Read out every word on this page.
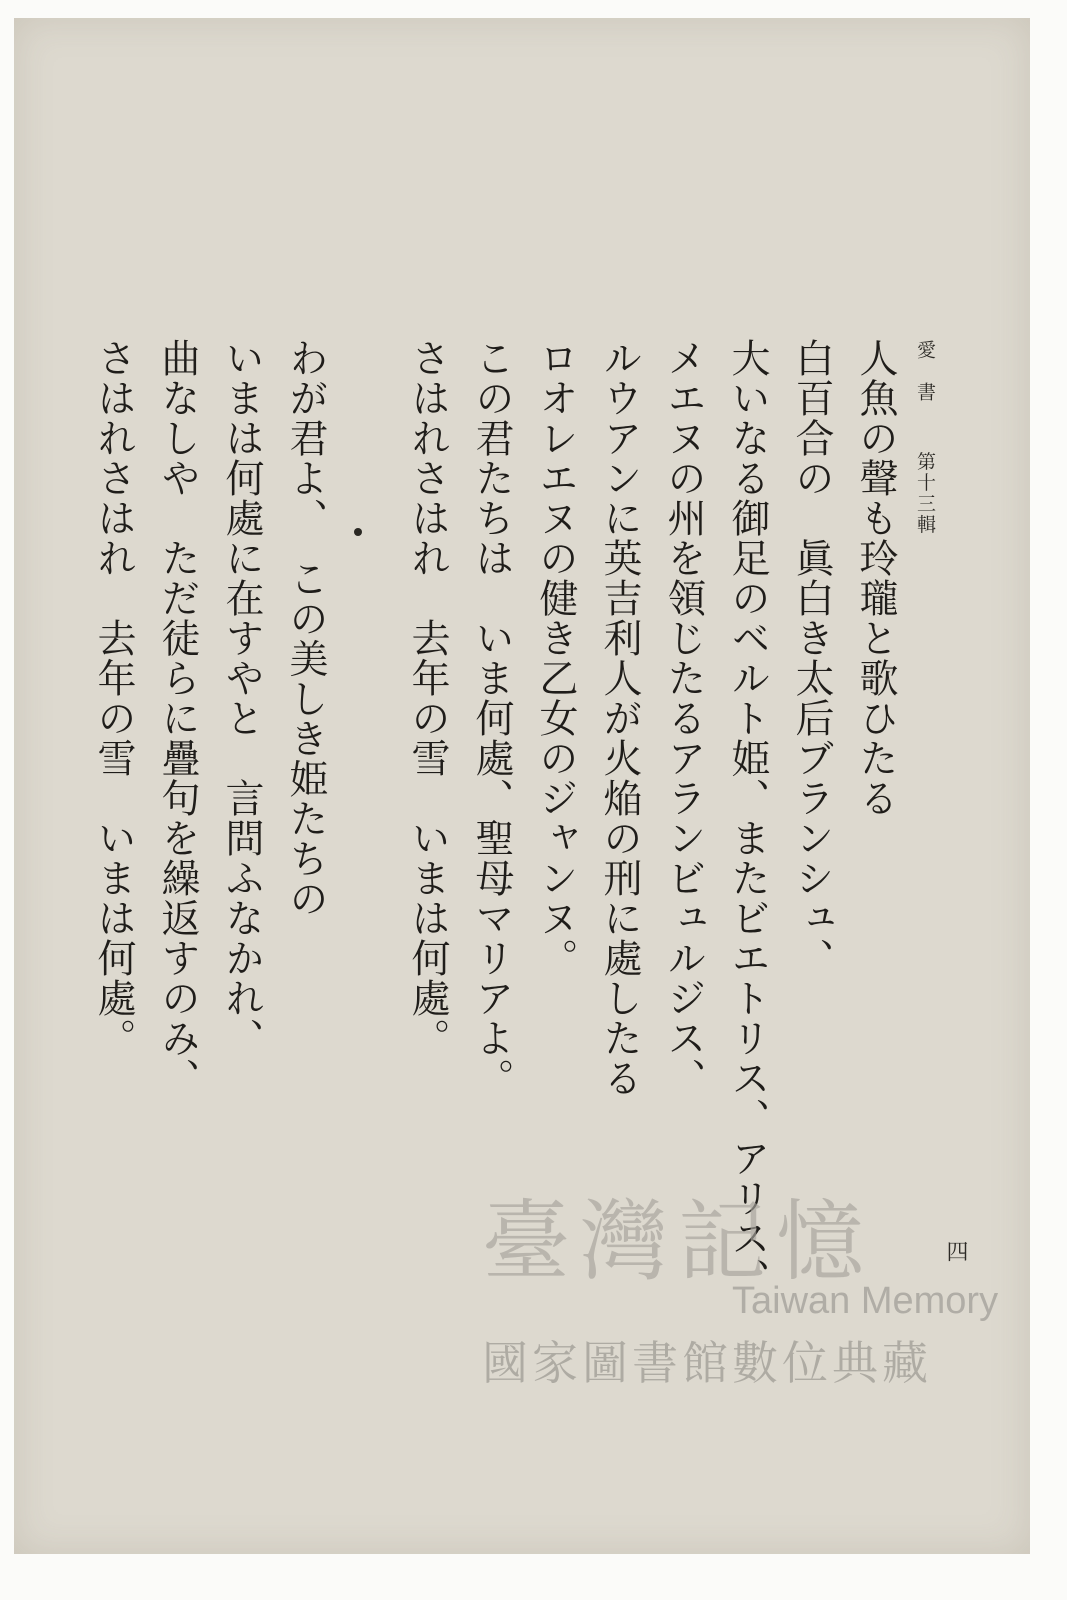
愛　書  第十三輯
人魚の聲も玲瓏と歌ひたる
白百合の　眞白き太后ブランシュ、
大いなる御足のベルト姫、またビエトリス、アリス、
メエヌの州を領じたるアランビュルジス、
ルウアンに英吉利人が火焔の刑に處したる
ロオレエヌの健き乙女のジャンヌ。
この君たちは　いま何處、聖母マリアよ。
さはれさはれ　去年の雪　いまは何處。
わが君よ、　この美しき姫たちの
いまは何處に在すやと　言問ふなかれ、
曲なしや　ただ徒らに疊句を繰返すのみ、
さはれさはれ　去年の雪　いまは何處。
四
臺灣記憶
Taiwan Memory
國家圖書館數位典藏
